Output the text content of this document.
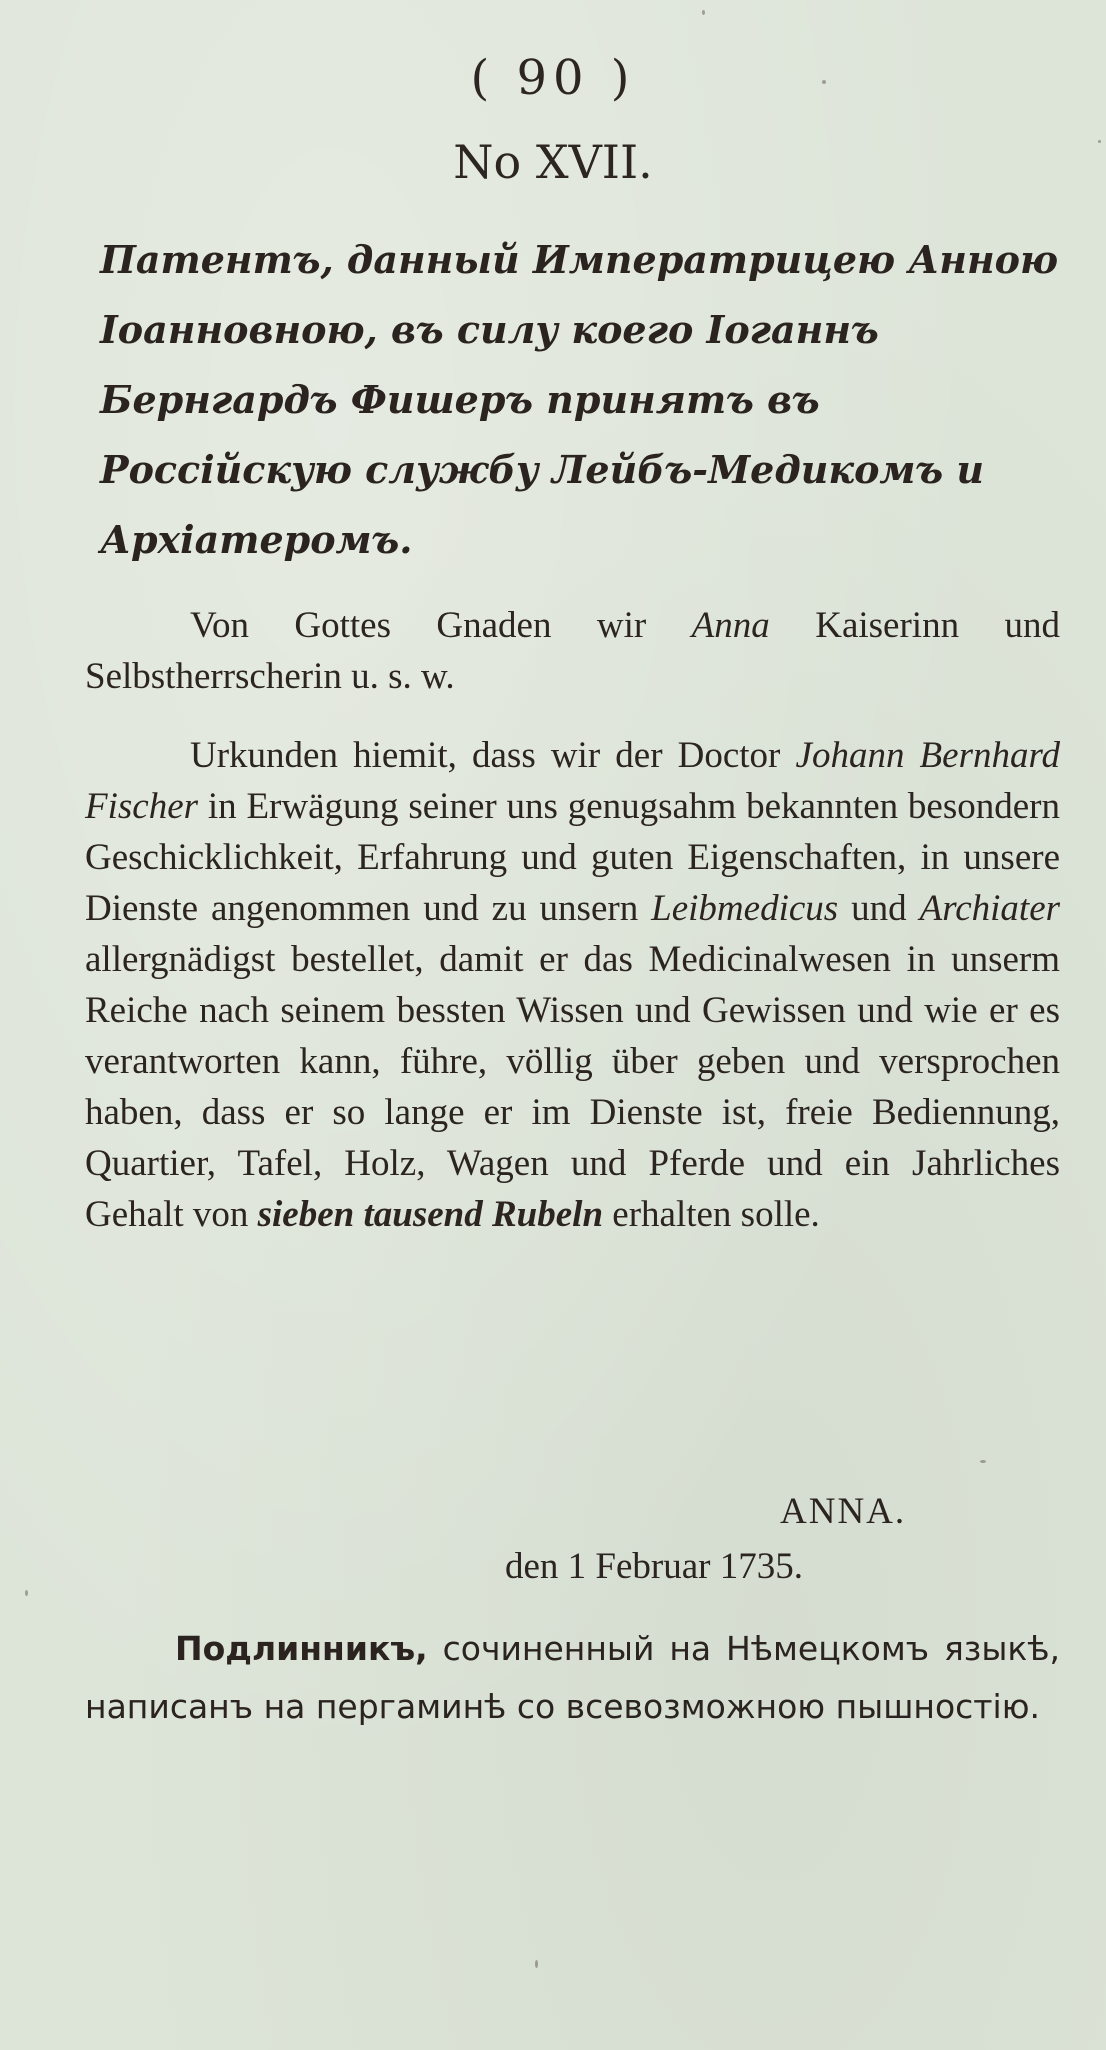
( 90 )
No XVII.

Патентъ, данный Императрицею Анною Іоанновною, въ силу коего Іоганнъ Бернгардъ Фишеръ принятъ въ Россійскую службу Лейбъ-Медикомъ и Архіатеромъ.

Von Gottes Gnaden wir Anna Kaiserinn und Selbstherrscherin u. s. w.

Urkunden hiemit, dass wir der Doctor Johann Bernhard Fischer in Erwägung seiner uns genugsahm bekannten besondern Geschicklichkeit, Erfahrung und guten Eigenschaften, in unsere Dienste angenommen und zu unsern Leibmedicus und Archiater allergnädigst bestellet, damit er das Medicinalwesen in unserm Reiche nach seinem bessten Wissen und Gewissen und wie er es verantworten kann, führe, völlig über geben und versprochen haben, dass er so lange er im Dienste ist, freie Bediennung, Quartier, Tafel, Holz, Wagen und Pferde und ein Jahrliches Gehalt von sieben tausend Rubeln erhalten solle.

ANNA.

den 1 Februar 1735.

Подлинникъ, сочиненный на Нѣмецкомъ языкѣ, написанъ на пергаминѣ со всевозможною пышностію.
